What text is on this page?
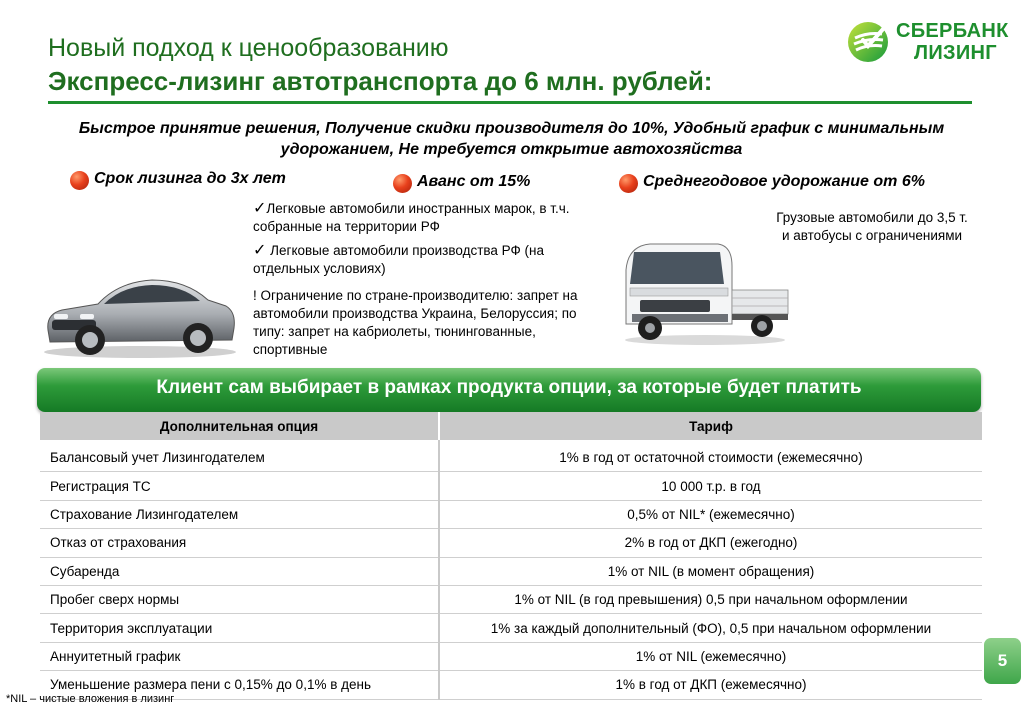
Новый подход к ценообразованию
Экспресс-лизинг автотранспорта до 6 млн. рублей:
СБЕРБАНК
ЛИЗИНГ
Быстрое принятие решения, Получение скидки производителя до 10%, Удобный график с минимальным удорожанием, Не требуется открытие автохозяйства
Срок лизинга до 3х лет	Аванс от 15%	Среднегодовое удорожание от 6%
✓Легковые автомобили иностранных марок, в т.ч. собранные на территории РФ
✓ Легковые автомобили производства РФ (на отдельных условиях)
! Ограничение по стране-производителю: запрет на автомобили производства Украина, Белоруссия; по типу: запрет на кабриолеты, тюнингованные, спортивные
Грузовые автомобили до 3,5 т.
и автобусы с ограничениями
Клиент сам выбирает в рамках продукта опции, за которые будет платить
Дополнительная опция	Тариф
Балансовый учет Лизингодателем	1% в год от остаточной стоимости (ежемесячно)
Регистрация ТС	10 000 т.р. в год
Страхование Лизингодателем	0,5% от NIL* (ежемесячно)
Отказ от страхования	2% в год от ДКП (ежегодно)
Субаренда	1% от NIL (в момент обращения)
Пробег сверх нормы	1% от NIL (в год превышения) 0,5 при начальном оформлении
Территория эксплуатации	1% за каждый дополнительный (ФО), 0,5 при начальном оформлении
Аннуитетный график	1% от NIL (ежемесячно)
Уменьшение размера пени с 0,15% до 0,1% в день	1% в год от ДКП (ежемесячно)
*NIL – чистые вложения в лизинг
5
